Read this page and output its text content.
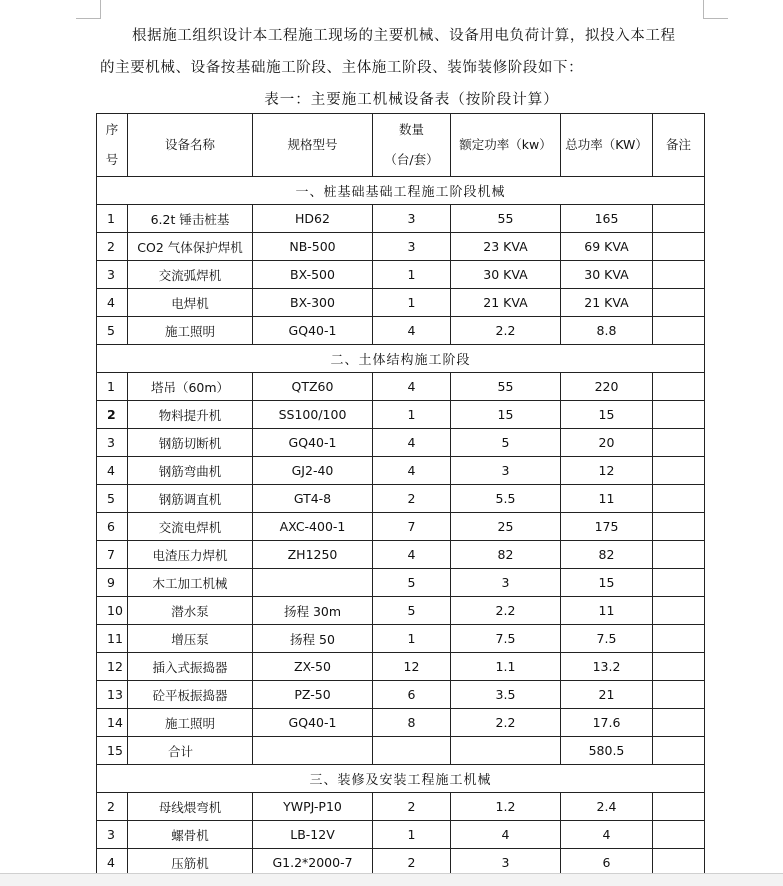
根据施工组织设计本工程施工现场的主要机械、设备用电负荷计算，拟投入本工程
的主要机械、设备按基础施工阶段、主体施工阶段、装饰装修阶段如下：
表一：主要施工机械设备表（按阶段计算）
序
号	设备名称	规格型号	数量
（台/套）	额定功率（kw）	总功率（KW）	备注
一、桩基础基础工程施工阶段机械						
1	6.2t 锤击桩基	HD62	3	55	165	
2	CO2 气体保护焊机	NB-500	3	23 KVA	69 KVA	
3	交流弧焊机	BX-500	1	30 KVA	30 KVA	
4	电焊机	BX-300	1	21 KVA	21 KVA	
5	施工照明	GQ40-1	4	2.2	8.8	
二、土体结构施工阶段						
1	塔吊（60m）	QTZ60	4	55	220	
2	物料提升机	SS100/100	1	15	15	
3	钢筋切断机	GQ40-1	4	5	20	
4	钢筋弯曲机	GJ2-40	4	3	12	
5	钢筋调直机	GT4-8	2	5.5	11	
6	交流电焊机	AXC-400-1	7	25	175	
7	电渣压力焊机	ZH1250	4	82	82	
9	木工加工机械		5	3	15	
10	潜水泵	扬程 30m	5	2.2	11	
11	增压泵	扬程 50	1	7.5	7.5	
12	插入式振捣器	ZX-50	12	1.1	13.2	
13	砼平板振捣器	PZ-50	6	3.5	21	
14	施工照明	GQ40-1	8	2.2	17.6	
15	合计				580.5	
三、装修及安装工程施工机械						
2	母线煨弯机	YWPJ-P10	2	1.2	2.4	
3	螺骨机	LB-12V	1	4	4	
4	压筋机	G1.2*2000-7	2	3	6	
